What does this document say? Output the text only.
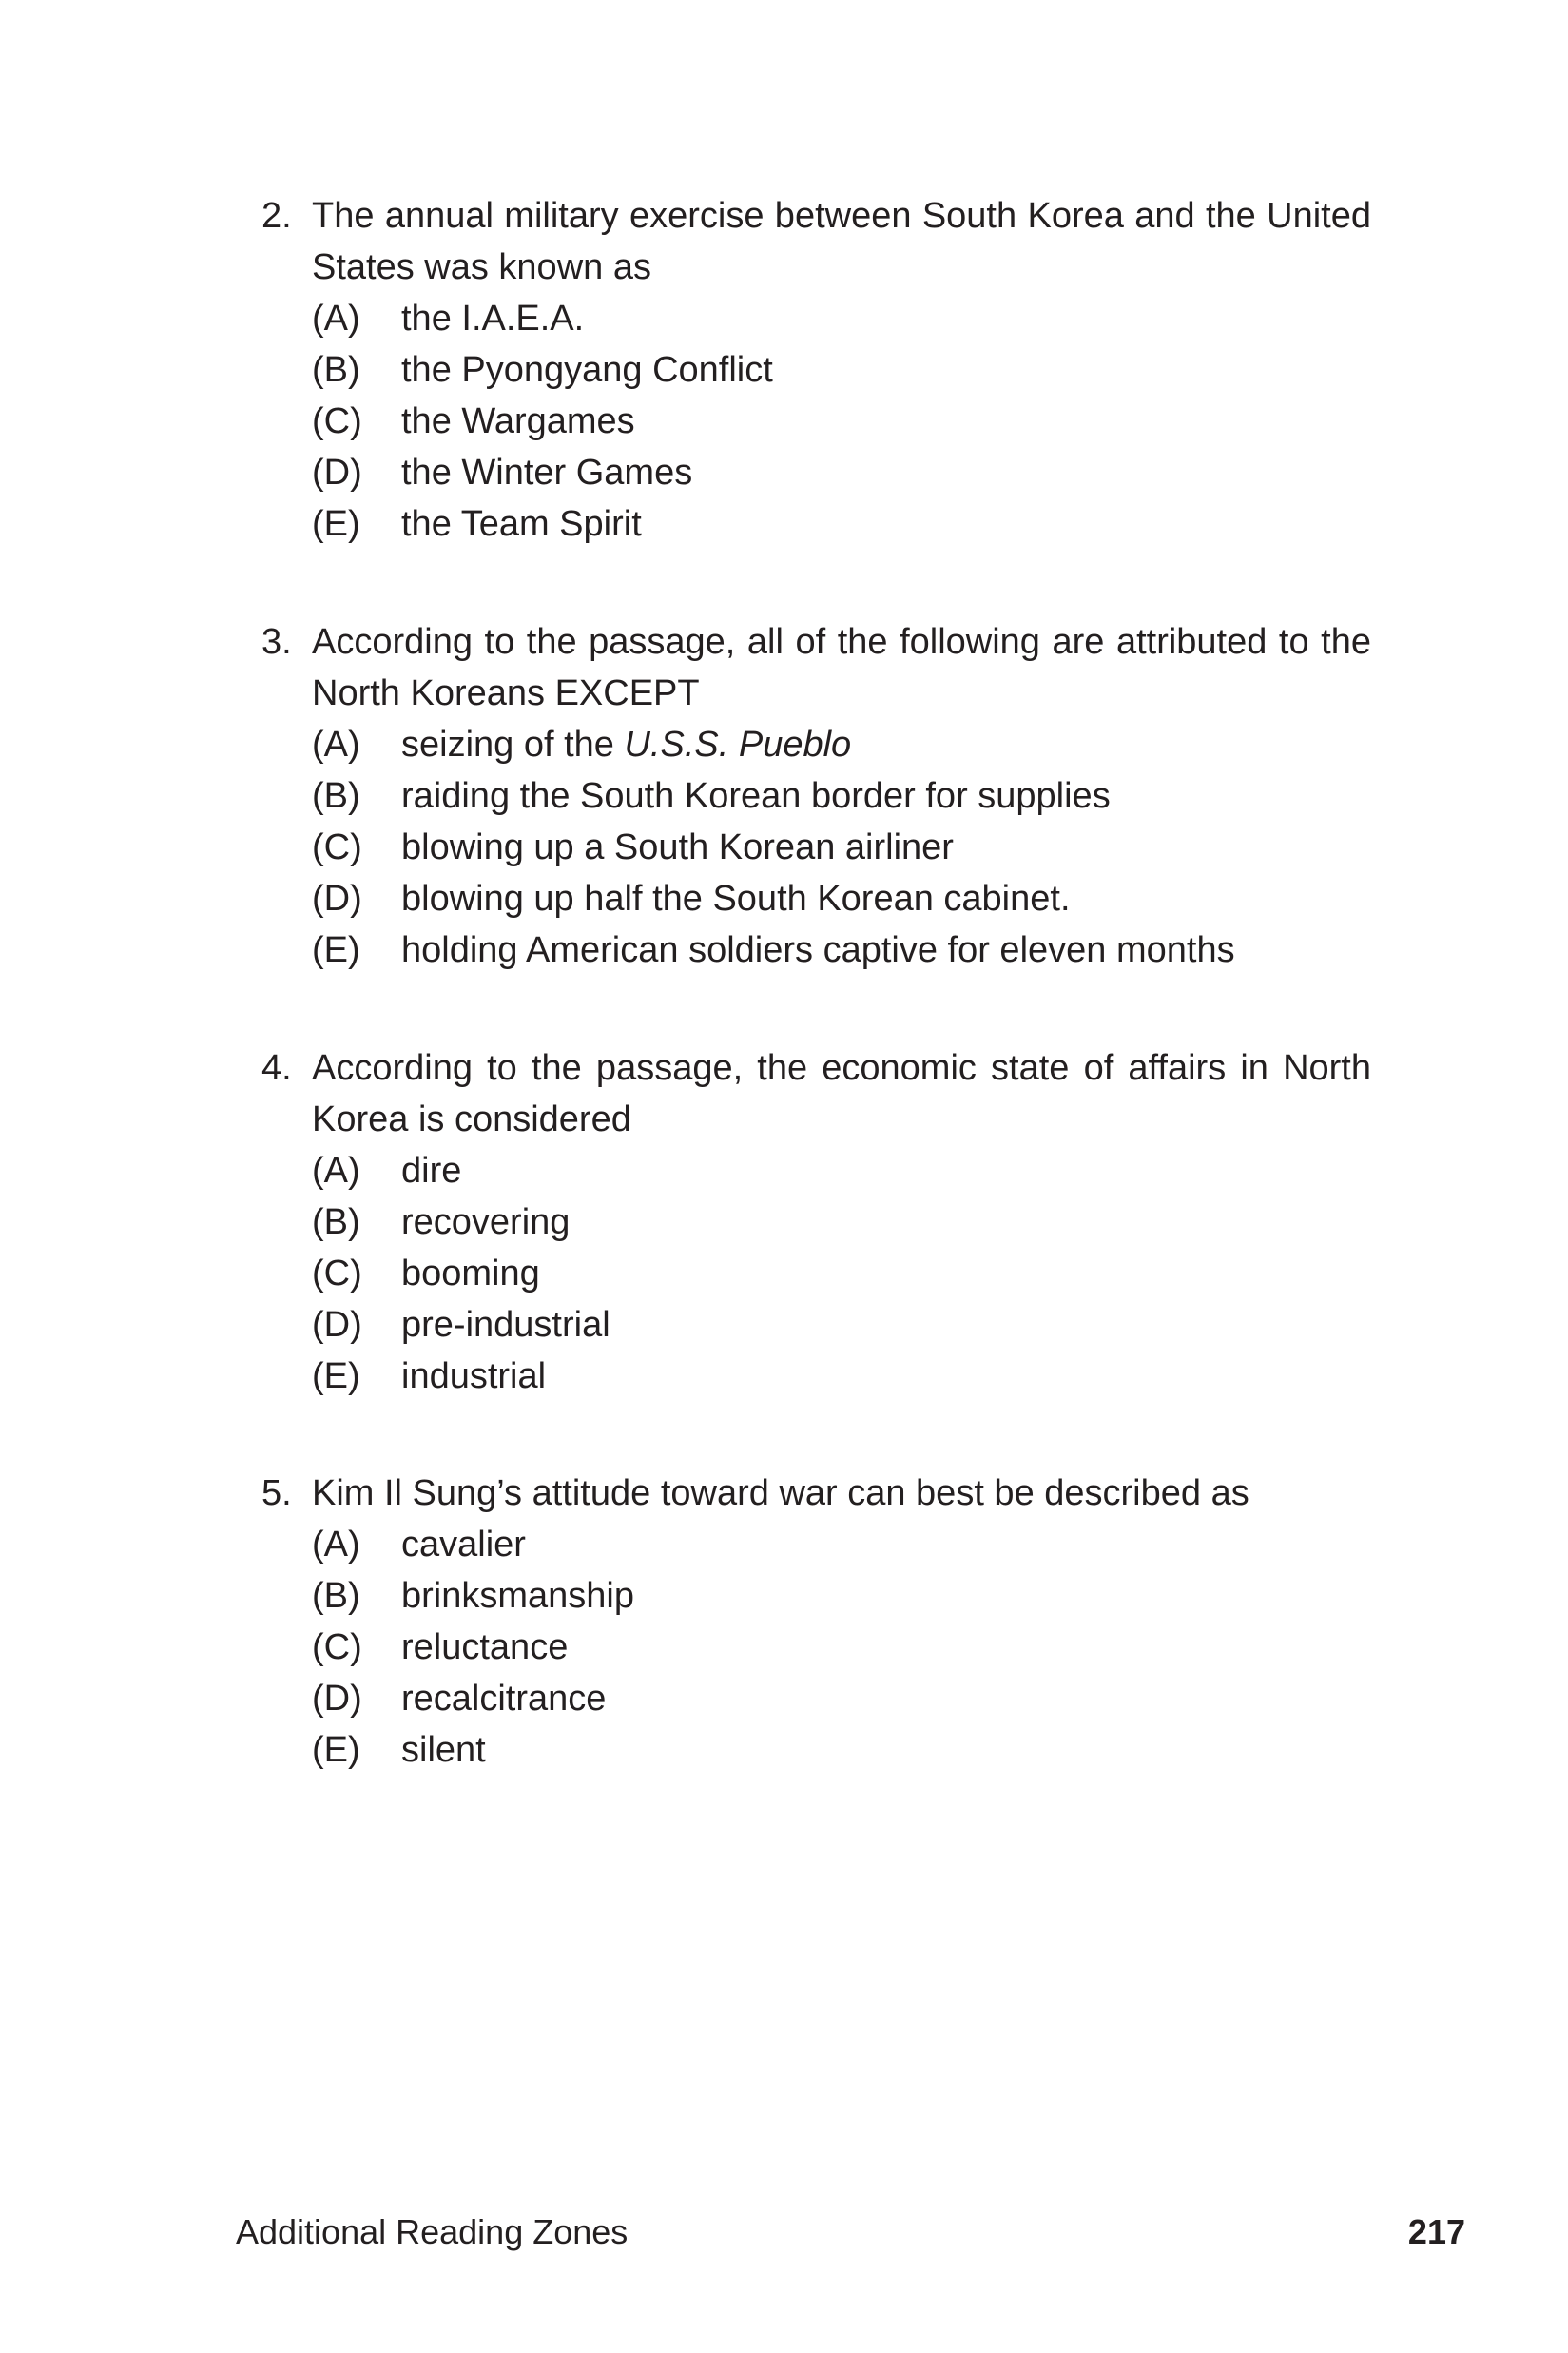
2. The annual military exercise between South Korea and the United States was known as
(A)	the I.A.E.A.
(B)	the Pyongyang Conflict
(C)	the Wargames
(D)	the Winter Games
(E)	the Team Spirit
3. According to the passage, all of the following are attributed to the North Koreans EXCEPT
(A)	seizing of the U.S.S. Pueblo
(B)	raiding the South Korean border for supplies
(C)	blowing up a South Korean airliner
(D)	blowing up half the South Korean cabinet.
(E)	holding American soldiers captive for eleven months
4. According to the passage, the economic state of affairs in North Korea is considered
(A)	dire
(B)	recovering
(C)	booming
(D)	pre-industrial
(E)	industrial
5. Kim Il Sung’s attitude toward war can best be described as
(A)	cavalier
(B)	brinksmanship
(C)	reluctance
(D)	recalcitrance
(E)	silent
Additional Reading Zones	217
